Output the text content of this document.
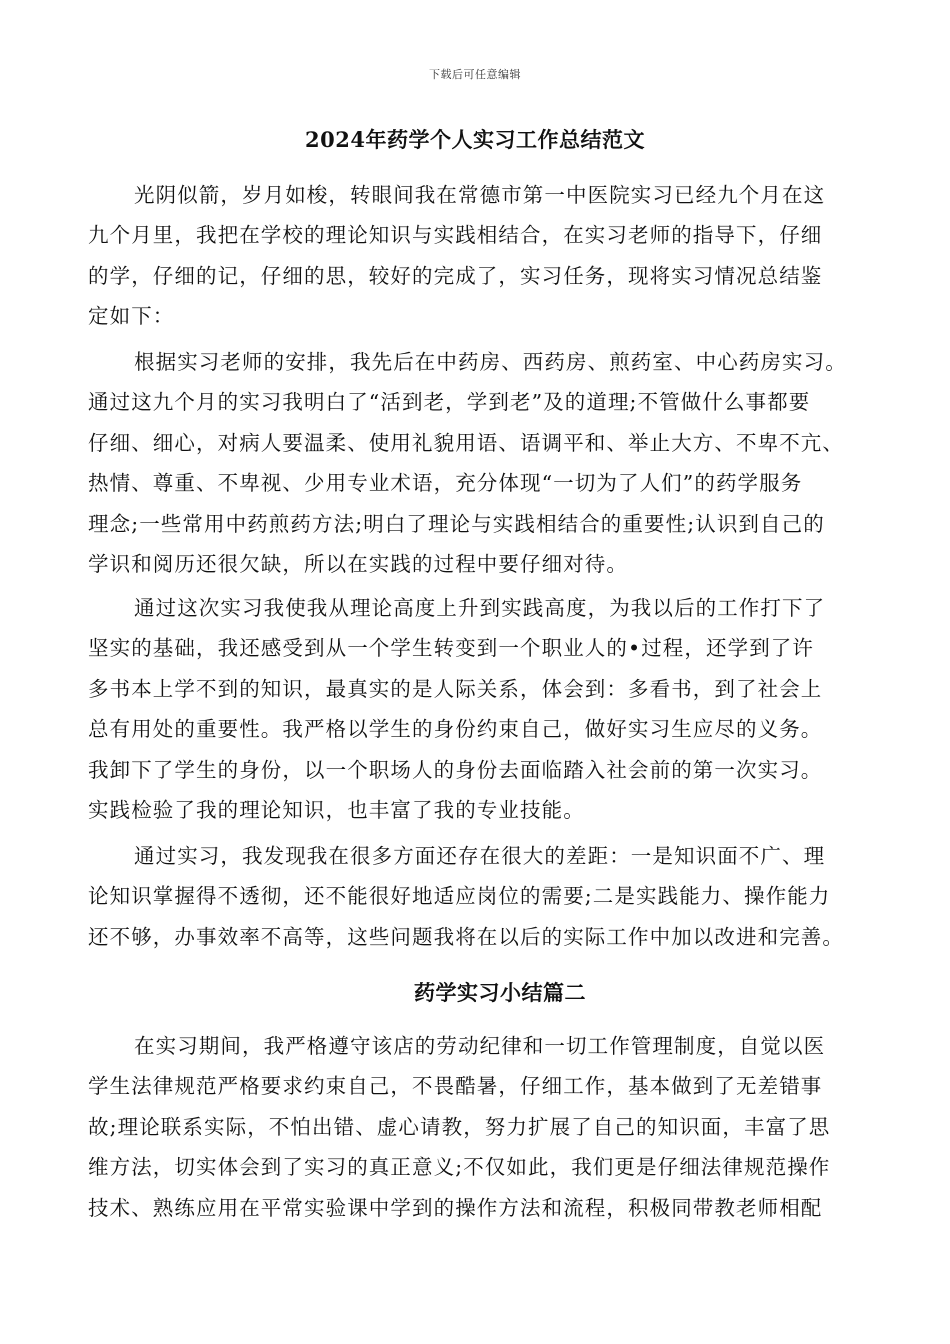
下载后可任意编辑
2024年药学个人实习工作总结范文

光阴似箭，岁月如梭，转眼间我在常德市第一中医院实习已经九个月在这
九个月里，我把在学校的理论知识与实践相结合，在实习老师的指导下，仔细
的学，仔细的记，仔细的思，较好的完成了，实习任务，现将实习情况总结鉴
定如下：

根据实习老师的安排，我先后在中药房、西药房、煎药室、中心药房实习。
通过这九个月的实习我明白了“活到老，学到老”及的道理;不管做什么事都要
仔细、细心，对病人要温柔、使用礼貌用语、语调平和、举止大方、不卑不亢、
热情、尊重、不卑视、少用专业术语，充分体现“一切为了人们”的药学服务
理念;一些常用中药煎药方法;明白了理论与实践相结合的重要性;认识到自己的
学识和阅历还很欠缺，所以在实践的过程中要仔细对待。

通过这次实习我使我从理论高度上升到实践高度，为我以后的工作打下了
坚实的基础，我还感受到从一个学生转变到一个职业人的•过程，还学到了许
多书本上学不到的知识，最真实的是人际关系，体会到：多看书，到了社会上
总有用处的重要性。我严格以学生的身份约束自己，做好实习生应尽的义务。
我卸下了学生的身份，以一个职场人的身份去面临踏入社会前的第一次实习。
实践检验了我的理论知识，也丰富了我的专业技能。

通过实习，我发现我在很多方面还存在很大的差距：一是知识面不广、理
论知识掌握得不透彻，还不能很好地适应岗位的需要;二是实践能力、操作能力
还不够，办事效率不高等，这些问题我将在以后的实际工作中加以改进和完善。

药学实习小结篇二

在实习期间，我严格遵守该店的劳动纪律和一切工作管理制度，自觉以医
学生法律规范严格要求约束自己，不畏酷暑，仔细工作，基本做到了无差错事
故;理论联系实际，不怕出错、虚心请教，努力扩展了自己的知识面，丰富了思
维方法，切实体会到了实习的真正意义;不仅如此，我们更是仔细法律规范操作
技术、熟练应用在平常实验课中学到的操作方法和流程，积极同带教老师相配
